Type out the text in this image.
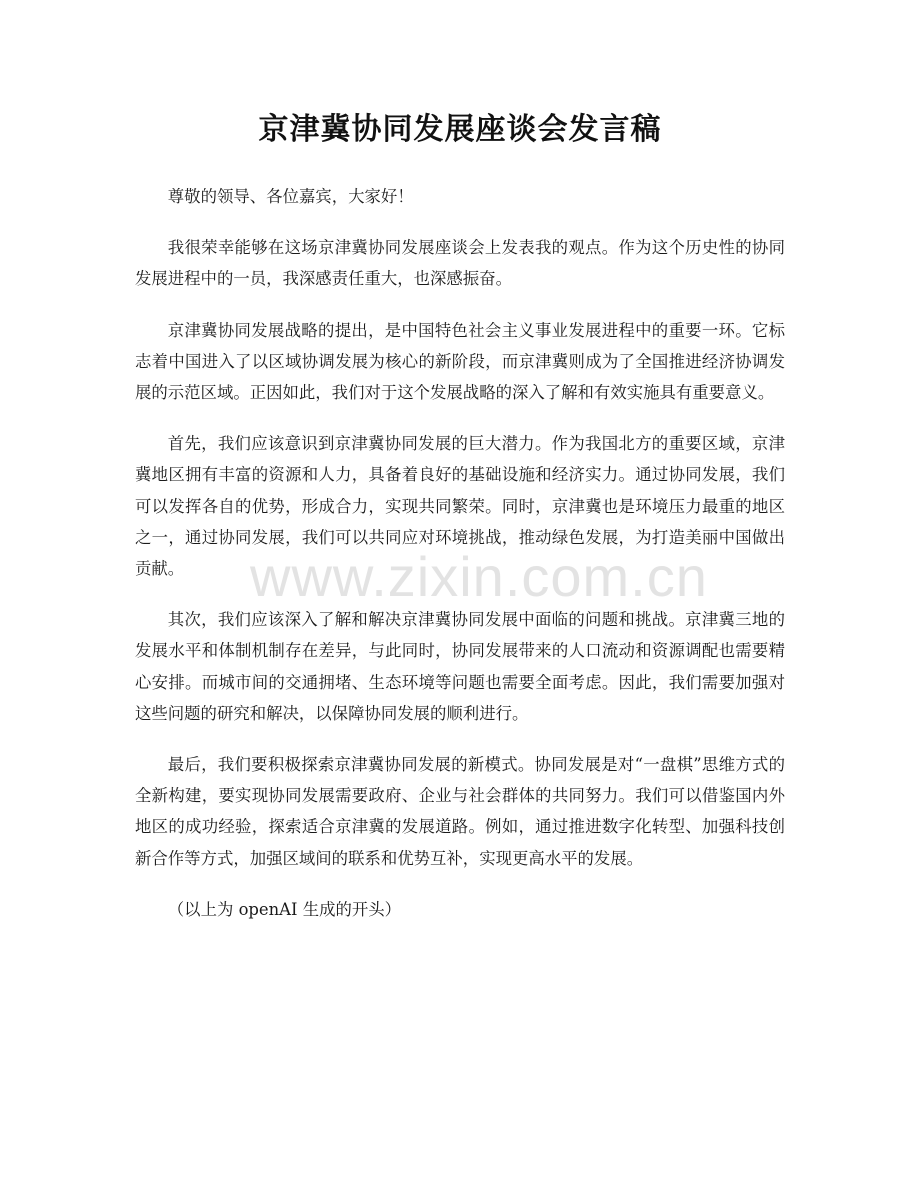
京津冀协同发展座谈会发言稿

尊敬的领导、各位嘉宾，大家好！

我很荣幸能够在这场京津冀协同发展座谈会上发表我的观点。作为这个历史性的协同发展进程中的一员，我深感责任重大，也深感振奋。

京津冀协同发展战略的提出，是中国特色社会主义事业发展进程中的重要一环。它标志着中国进入了以区域协调发展为核心的新阶段，而京津冀则成为了全国推进经济协调发展的示范区域。正因如此，我们对于这个发展战略的深入了解和有效实施具有重要意义。

首先，我们应该意识到京津冀协同发展的巨大潜力。作为我国北方的重要区域，京津冀地区拥有丰富的资源和人力，具备着良好的基础设施和经济实力。通过协同发展，我们可以发挥各自的优势，形成合力，实现共同繁荣。同时，京津冀也是环境压力最重的地区之一，通过协同发展，我们可以共同应对环境挑战，推动绿色发展，为打造美丽中国做出贡献。

其次，我们应该深入了解和解决京津冀协同发展中面临的问题和挑战。京津冀三地的发展水平和体制机制存在差异，与此同时，协同发展带来的人口流动和资源调配也需要精心安排。而城市间的交通拥堵、生态环境等问题也需要全面考虑。因此，我们需要加强对这些问题的研究和解决，以保障协同发展的顺利进行。

最后，我们要积极探索京津冀协同发展的新模式。协同发展是对“一盘棋”思维方式的全新构建，要实现协同发展需要政府、企业与社会群体的共同努力。我们可以借鉴国内外地区的成功经验，探索适合京津冀的发展道路。例如，通过推进数字化转型、加强科技创新合作等方式，加强区域间的联系和优势互补，实现更高水平的发展。

（以上为 openAI 生成的开头）

www.zixin.com.cn
